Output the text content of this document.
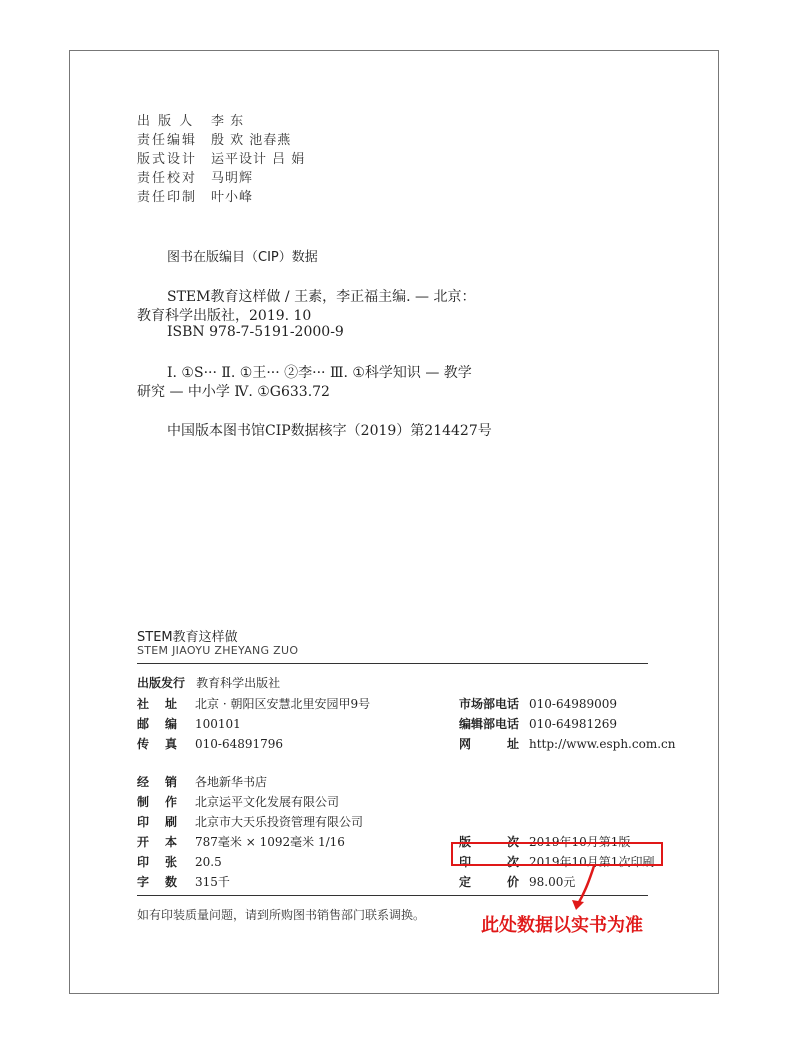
出 版 人 李 东
责任编辑 殷 欢 池春燕
版式设计 运平设计 吕 娟
责任校对 马明辉
责任印制 叶小峰
图书在版编目（CIP）数据
STEM教育这样做 / 王素，李正福主编. — 北京：
教育科学出版社，2019. 10
ISBN 978-7-5191-2000-9
Ⅰ. ①S··· Ⅱ. ①王··· ②李··· Ⅲ. ①科学知识 — 教学
研究 — 中小学 Ⅳ. ①G633.72
中国版本图书馆CIP数据核字（2019）第214427号
STEM教育这样做
STEM JIAOYU ZHEYANG ZUO
出版发行 教育科学出版社
社 址 北京 · 朝阳区安慧北里安园甲9号	市场部电话 010-64989009
邮 编 100101	编辑部电话 010-64981269
传 真 010-64891796	网	址 http://www.esph.com.cn
经 销 各地新华书店
制 作 北京运平文化发展有限公司
印 刷 北京市大天乐投资管理有限公司
开 本 787毫米 × 1092毫米 1/16	版	次 2019年10月第1版
印 张 20.5	印	次 2019年10月第1次印刷
字 数 315千	定	价 98.00元
如有印装质量问题，请到所购图书销售部门联系调换。	此处数据以实书为准
